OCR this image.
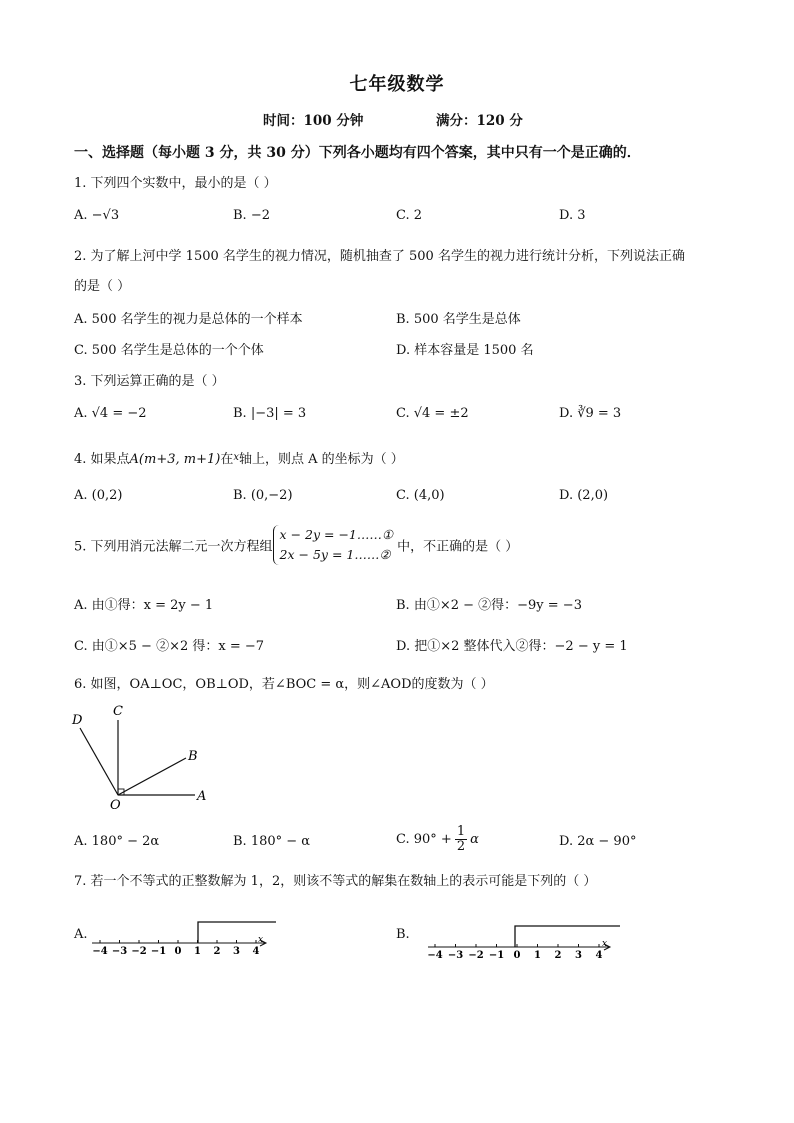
七年级数学
时间：100 分钟	满分：120 分
一、选择题（每小题 3 分，共 30 分）下列各小题均有四个答案，其中只有一个是正确的．
1. 下列四个实数中，最小的是（ ）
A. −√3	B. −2	C. 2	D. 3
2. 为了解上河中学 1500 名学生的视力情况，随机抽查了 500 名学生的视力进行统计分析，下列说法正确
的是（ ）
A. 500 名学生的视力是总体的一个样本	B. 500 名学生是总体
C. 500 名学生是总体的一个个体	D. 样本容量是 1500 名
3. 下列运算正确的是（ ）
A. √4 = −2	B. |−3| = 3	C. √4 = ±2	D. ∛9 = 3
4. 如果点A(m+3, m+1)在$^x$轴上，则点 A 的坐标为（ ）
A. (0,2)	B. (0,−2)	C. (4,0)	D. (2,0)
5. 下列用消元法解二元一次方程组
x − 2y = −1……①
2x − 5y = 1……② 中，不正确的是（ ）
A. 由①得：x = 2y − 1	B. 由①×2 − ②得：−9y = −3
C. 由①×5 − ②×2 得：x = −7	D. 把①×2 整体代入②得：−2 − y = 1
6. 如图，OA⊥OC，OB⊥OD，若∠BOC = α，则∠AOD的度数为（ ）
D
C
B
O
A
A. 180° − 2α	B. 180° − α	C. $90^\circ + \frac{1}{2}$ α	D. 2α − 90°
7. 若一个不等式的正整数解为 1，2，则该不等式的解集在数轴上的表示可能是下列的（ ）
A.
−4 −3 −2 −1 0 1 2 3 4
x	B.
−4 −3 −2 −1 0 1 2 3 4
x
